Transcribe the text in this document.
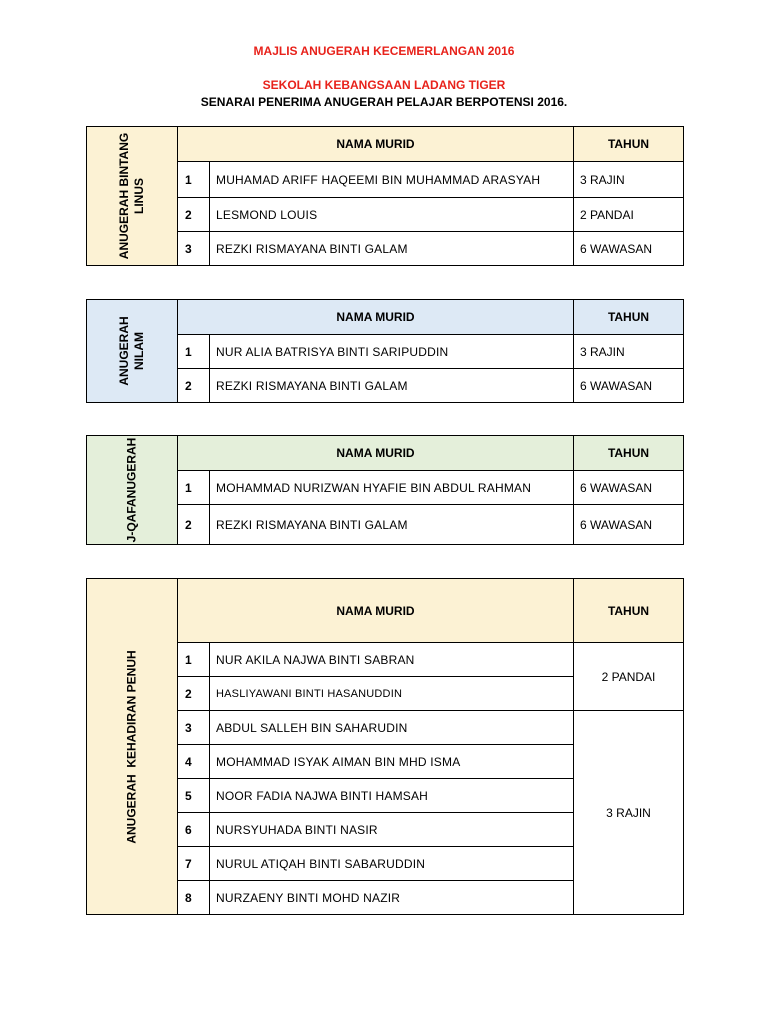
MAJLIS ANUGERAH KECEMERLANGAN 2016
SEKOLAH KEBANGSAAN LADANG TIGER
SENARAI PENERIMA ANUGERAH PELAJAR BERPOTENSI 2016.
ANUGERAH BINTANG
LINUS	NAMA MURID		TAHUN
	1	MUHAMAD ARIFF HAQEEMI BIN MUHAMMAD ARASYAH	3 RAJIN
	2	LESMOND LOUIS	2 PANDAI
	3	REZKI RISMAYANA BINTI GALAM	6 WAWASAN
ANUGERAH
NILAM	NAMA MURID		TAHUN
	1	NUR ALIA BATRISYA BINTI SARIPUDDIN	3 RAJIN
	2	REZKI RISMAYANA BINTI GALAM	6 WAWASAN
J-QAFANUGERAH	NAMA MURID		TAHUN
	1	MOHAMMAD NURIZWAN HYAFIE BIN ABDUL RAHMAN	6 WAWASAN
	2	REZKI RISMAYANA BINTI GALAM	6 WAWASAN
ANUGERAH  KEHADIRAN PENUH	NAMA MURID		TAHUN
	1	NUR AKILA NAJWA BINTI SABRAN	2 PANDAI
	2	HASLIYAWANI BINTI HASANUDDIN	
	3	ABDUL SALLEH BIN SAHARUDIN	3 RAJIN
	4	MOHAMMAD ISYAK AIMAN BIN MHD ISMA	
	5	NOOR FADIA NAJWA BINTI HAMSAH	
	6	NURSYUHADA BINTI NASIR	
	7	NURUL ATIQAH BINTI SABARUDDIN	
	8	NURZAENY BINTI MOHD NAZIR	
